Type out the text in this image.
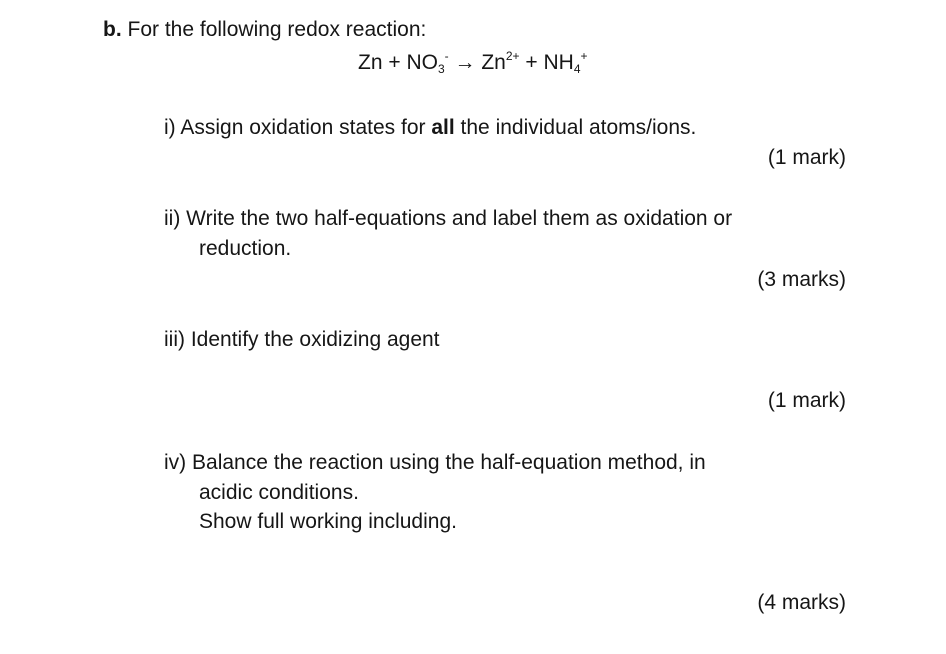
b. For the following redox reaction:
$Zn + NO_3^- \to Zn^{2+} + NH_4^+$
i) Assign oxidation states for all the individual atoms/ions.
(1 mark)
ii) Write the two half-equations and label them as oxidation or
reduction.
(3 marks)
iii) Identify the oxidizing agent
(1 mark)
iv) Balance the reaction using the half-equation method, in
acidic conditions.
Show full working including.
(4 marks)
